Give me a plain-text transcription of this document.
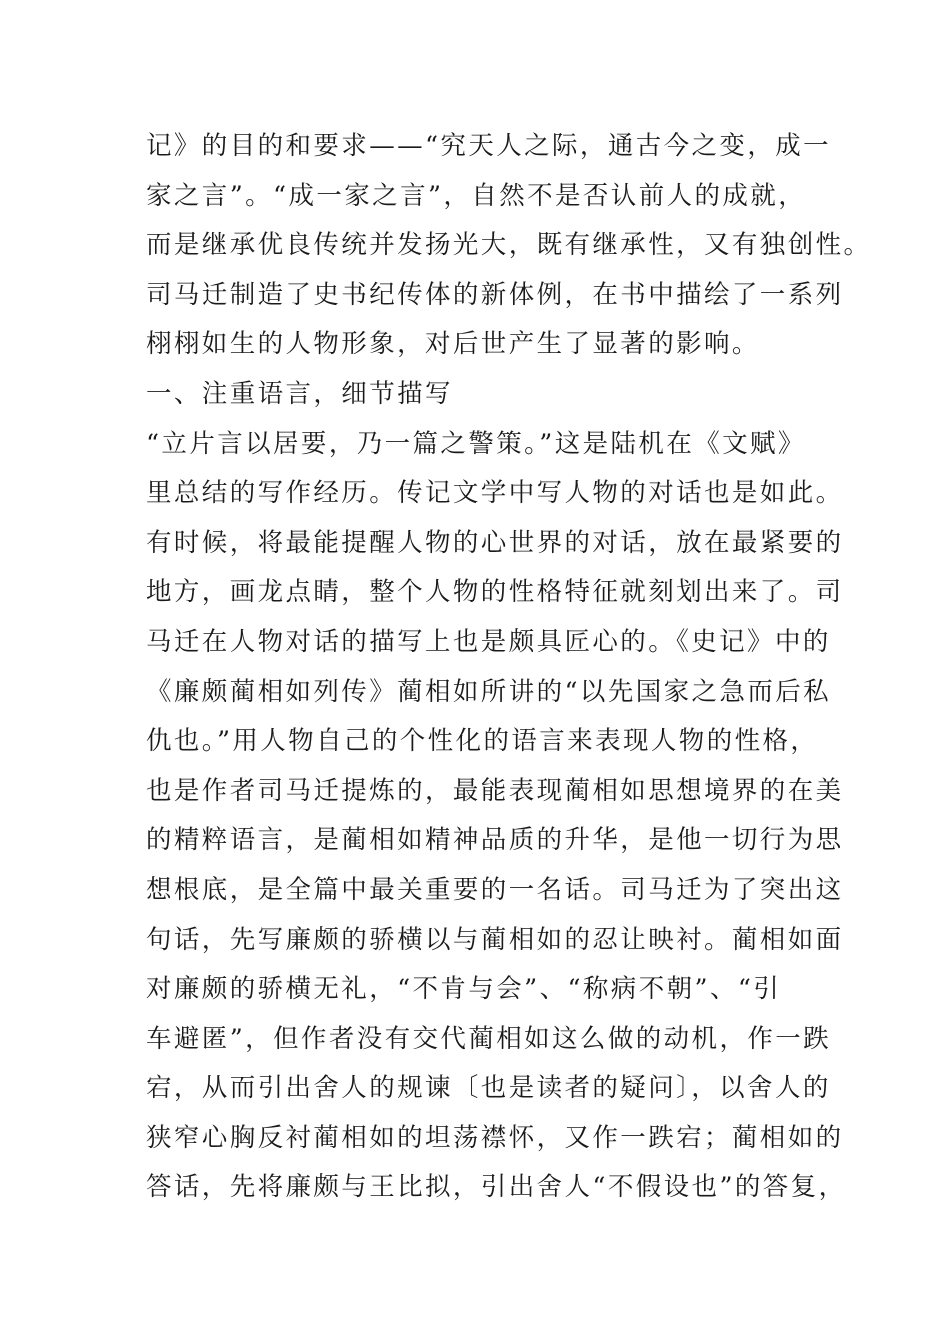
记》的目的和要求——“究天人之际，通古今之变，成一
家之言”。“成一家之言”，自然不是否认前人的成就，
而是继承优良传统并发扬光大，既有继承性，又有独创性。
司马迁制造了史书纪传体的新体例，在书中描绘了一系列
栩栩如生的人物形象，对后世产生了显著的影响。
一、注重语言，细节描写
“立片言以居要，乃一篇之警策。”这是陆机在《文赋》
里总结的写作经历。传记文学中写人物的对话也是如此。
有时候，将最能提醒人物的心世界的对话，放在最紧要的
地方，画龙点睛，整个人物的性格特征就刻划出来了。司
马迁在人物对话的描写上也是颇具匠心的。《史记》中的
《廉颇蔺相如列传》蔺相如所讲的“以先国家之急而后私
仇也。”用人物自己的个性化的语言来表现人物的性格，
也是作者司马迁提炼的，最能表现蔺相如思想境界的在美
的精粹语言，是蔺相如精神品质的升华，是他一切行为思
想根底，是全篇中最关重要的一名话。司马迁为了突出这
句话，先写廉颇的骄横以与蔺相如的忍让映衬。蔺相如面
对廉颇的骄横无礼，“不肯与会”、“称病不朝”、“引
车避匿”，但作者没有交代蔺相如这么做的动机，作一跌
宕，从而引出舍人的规谏〔也是读者的疑问〕，以舍人的
狭窄心胸反衬蔺相如的坦荡襟怀，又作一跌宕；蔺相如的
答话，先将廉颇与王比拟，引出舍人“不假设也”的答复，
